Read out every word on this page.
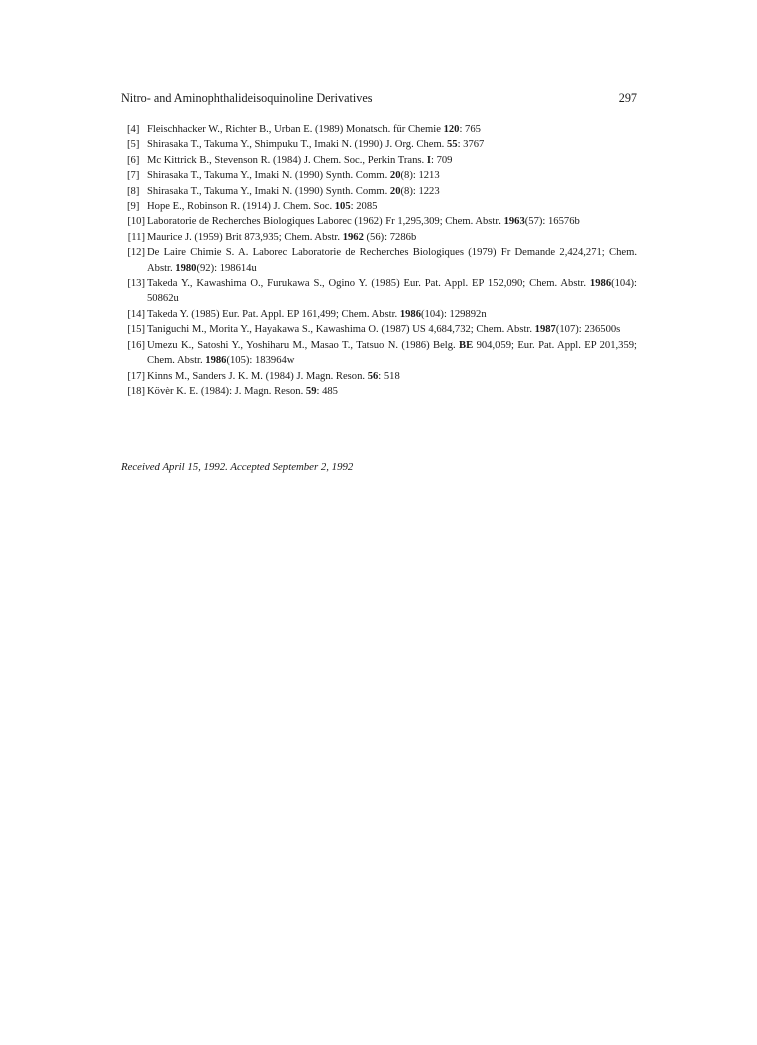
Nitro- and Aminophthalideisoquinoline Derivatives	297
[4] Fleischhacker W., Richter B., Urban E. (1989) Monatsch. für Chemie 120: 765
[5] Shirasaka T., Takuma Y., Shimpuku T., Imaki N. (1990) J. Org. Chem. 55: 3767
[6] Mc Kittrick B., Stevenson R. (1984) J. Chem. Soc., Perkin Trans. I: 709
[7] Shirasaka T., Takuma Y., Imaki N. (1990) Synth. Comm. 20(8): 1213
[8] Shirasaka T., Takuma Y., Imaki N. (1990) Synth. Comm. 20(8): 1223
[9] Hope E., Robinson R. (1914) J. Chem. Soc. 105: 2085
[10] Laboratorie de Recherches Biologiques Laborec (1962) Fr 1,295,309; Chem. Abstr. 1963(57): 16576b
[11] Maurice J. (1959) Brit 873,935; Chem. Abstr. 1962 (56): 7286b
[12] De Laire Chimie S. A. Laborec Laboratorie de Recherches Biologiques (1979) Fr Demande 2,424,271; Chem. Abstr. 1980(92): 198614u
[13] Takeda Y., Kawashima O., Furukawa S., Ogino Y. (1985) Eur. Pat. Appl. EP 152,090; Chem. Abstr. 1986(104): 50862u
[14] Takeda Y. (1985) Eur. Pat. Appl. EP 161,499; Chem. Abstr. 1986(104): 129892n
[15] Taniguchi M., Morita Y., Hayakawa S., Kawashima O. (1987) US 4,684,732; Chem. Abstr. 1987(107): 236500s
[16] Umezu K., Satoshi Y., Yoshiharu M., Masao T., Tatsuo N. (1986) Belg. BE 904,059; Eur. Pat. Appl. EP 201,359; Chem. Abstr. 1986(105): 183964w
[17] Kinns M., Sanders J. K. M. (1984) J. Magn. Reson. 56: 518
[18] Kövèr K. E. (1984): J. Magn. Reson. 59: 485
Received April 15, 1992. Accepted September 2, 1992
